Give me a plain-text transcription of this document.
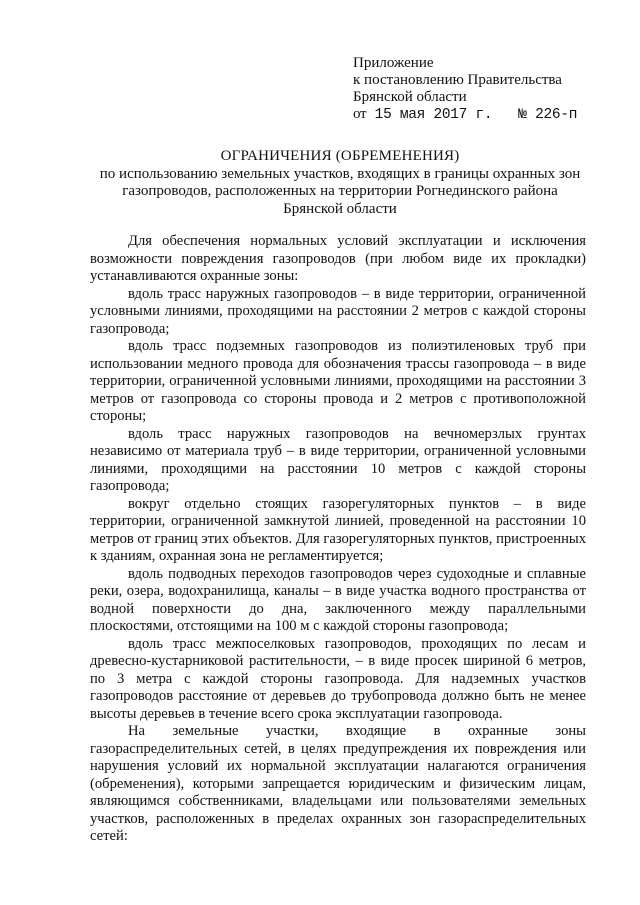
Приложение
к постановлению Правительства
Брянской области
от 15 мая 2017 г. № 226-п
ОГРАНИЧЕНИЯ (ОБРЕМЕНЕНИЯ)
по использованию земельных участков, входящих в границы охранных зон
газопроводов, расположенных на территории Рогнединского района
Брянской области

Для обеспечения нормальных условий эксплуатации и исключения возможности повреждения газопроводов (при любом виде их прокладки) устанавливаются охранные зоны:

вдоль трасс наружных газопроводов – в виде территории, ограниченной условными линиями, проходящими на расстоянии 2 метров с каждой стороны газопровода;

вдоль трасс подземных газопроводов из полиэтиленовых труб при использовании медного провода для обозначения трассы газопровода – в виде территории, ограниченной условными линиями, проходящими на расстоянии 3 метров от газопровода со стороны провода и 2 метров с противоположной стороны;

вдоль трасс наружных газопроводов на вечномерзлых грунтах независимо от материала труб – в виде территории, ограниченной условными линиями, проходящими на расстоянии 10 метров с каждой стороны газопровода;

вокруг отдельно стоящих газорегуляторных пунктов – в виде территории, ограниченной замкнутой линией, проведенной на расстоянии 10 метров от границ этих объектов. Для газорегуляторных пунктов, пристроенных к зданиям, охранная зона не регламентируется;

вдоль подводных переходов газопроводов через судоходные и сплавные реки, озера, водохранилища, каналы – в виде участка водного пространства от водной поверхности до дна, заключенного между параллельными плоскостями, отстоящими на 100 м с каждой стороны газопровода;

вдоль трасс межпоселковых газопроводов, проходящих по лесам и древесно-кустарниковой растительности, – в виде просек шириной 6 метров, по 3 метра с каждой стороны газопровода. Для надземных участков газопроводов расстояние от деревьев до трубопровода должно быть не менее высоты деревьев в течение всего срока эксплуатации газопровода.

На земельные участки, входящие в охранные зоны газораспределительных сетей, в целях предупреждения их повреждения или нарушения условий их нормальной эксплуатации налагаются ограничения (обременения), которыми запрещается юридическим и физическим лицам, являющимся собственниками, владельцами или пользователями земельных участков, расположенных в пределах охранных зон газораспределительных сетей:
